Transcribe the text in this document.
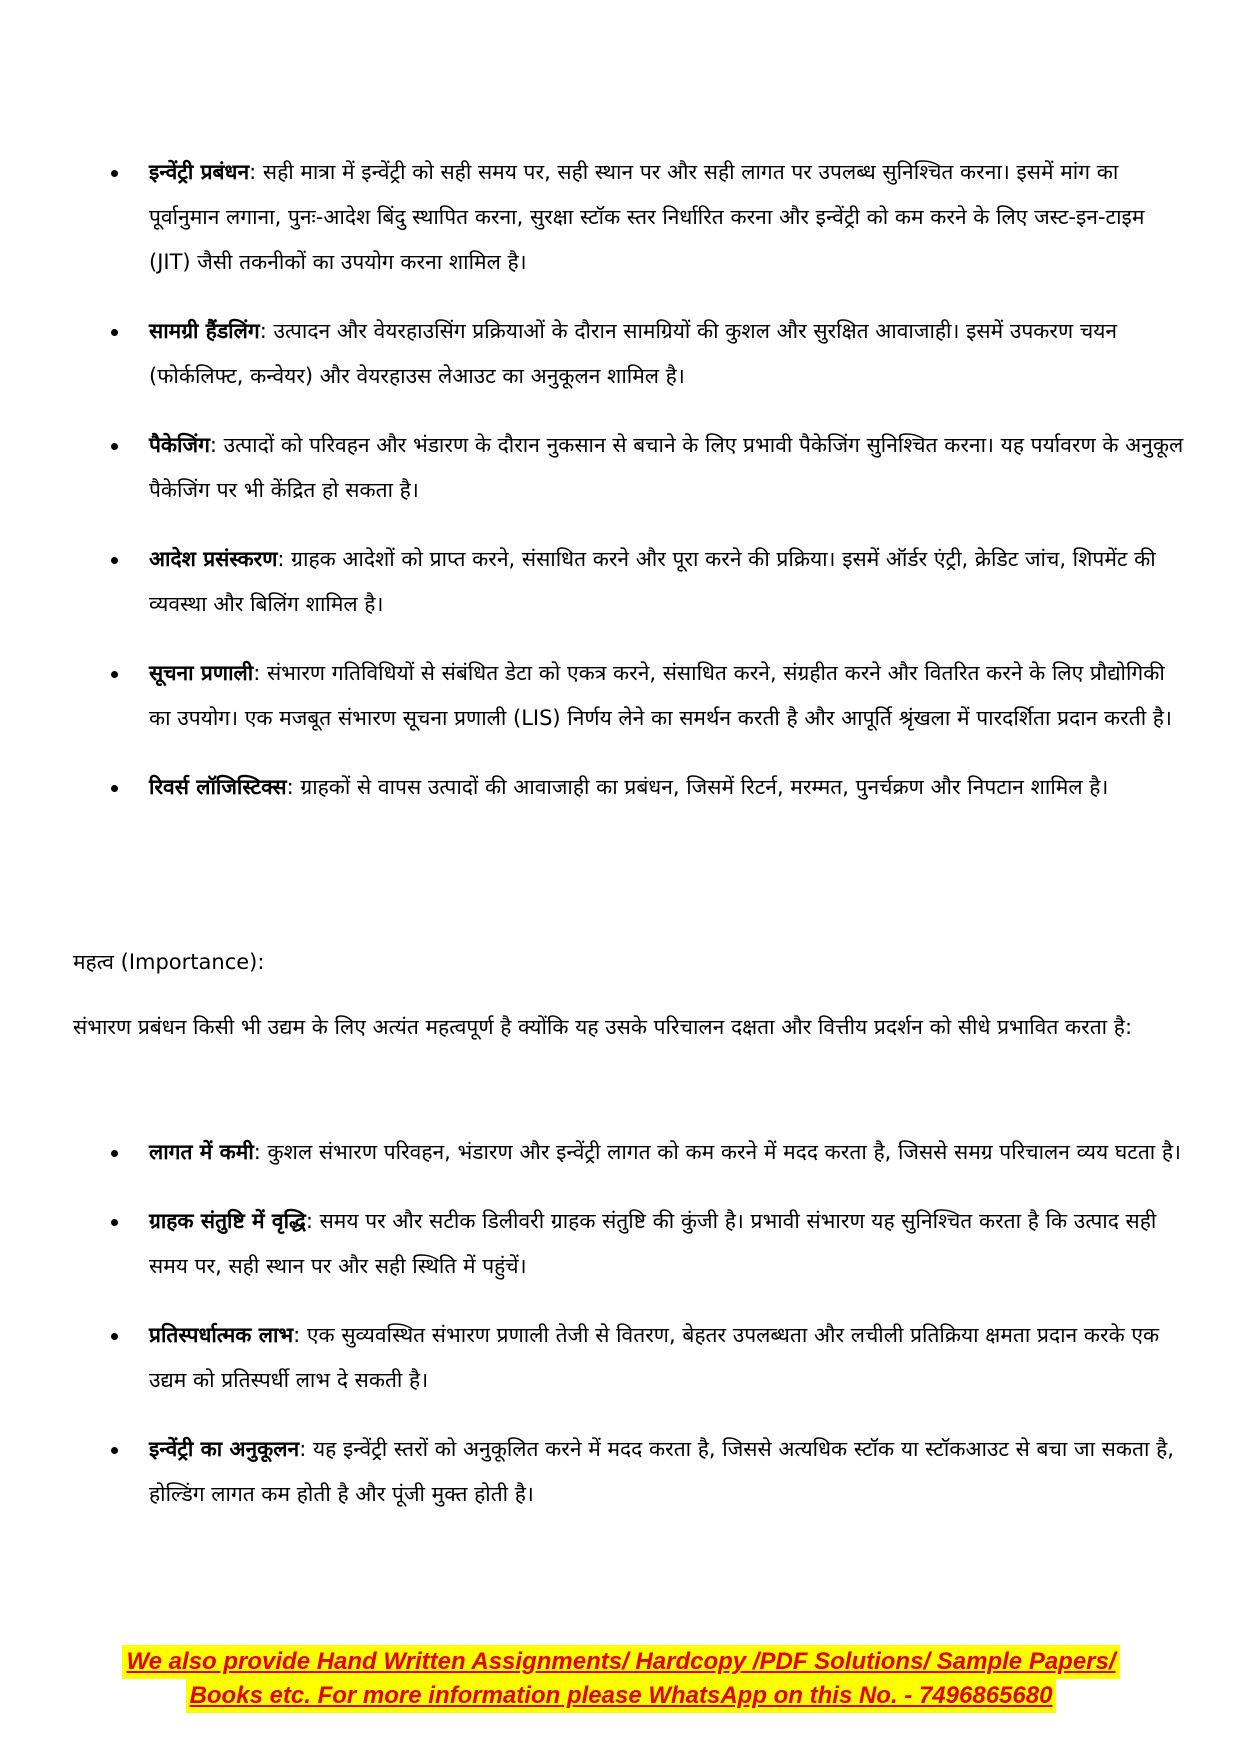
इन्वेंट्री प्रबंधन: सही मात्रा में इन्वेंट्री को सही समय पर, सही स्थान पर और सही लागत पर उपलब्ध सुनिश्चित करना। इसमें मांग का पूर्वानुमान लगाना, पुनः-आदेश बिंदु स्थापित करना, सुरक्षा स्टॉक स्तर निर्धारित करना और इन्वेंट्री को कम करने के लिए जस्ट-इन-टाइम (JIT) जैसी तकनीकों का उपयोग करना शामिल है।
सामग्री हैंडलिंग: उत्पादन और वेयरहाउसिंग प्रक्रियाओं के दौरान सामग्रियों की कुशल और सुरक्षित आवाजाही। इसमें उपकरण चयन (फोर्कलिफ्ट, कन्वेयर) और वेयरहाउस लेआउट का अनुकूलन शामिल है।
पैकेजिंग: उत्पादों को परिवहन और भंडारण के दौरान नुकसान से बचाने के लिए प्रभावी पैकेजिंग सुनिश्चित करना। यह पर्यावरण के अनुकूल पैकेजिंग पर भी केंद्रित हो सकता है।
आदेश प्रसंस्करण: ग्राहक आदेशों को प्राप्त करने, संसाधित करने और पूरा करने की प्रक्रिया। इसमें ऑर्डर एंट्री, क्रेडिट जांच, शिपमेंट की व्यवस्था और बिलिंग शामिल है।
सूचना प्रणाली: संभारण गतिविधियों से संबंधित डेटा को एकत्र करने, संसाधित करने, संग्रहीत करने और वितरित करने के लिए प्रौद्योगिकी का उपयोग। एक मजबूत संभारण सूचना प्रणाली (LIS) निर्णय लेने का समर्थन करती है और आपूर्ति श्रृंखला में पारदर्शिता प्रदान करती है।
रिवर्स लॉजिस्टिक्स: ग्राहकों से वापस उत्पादों की आवाजाही का प्रबंधन, जिसमें रिटर्न, मरम्मत, पुनर्चक्रण और निपटान शामिल है।

महत्व (Importance):

संभारण प्रबंधन किसी भी उद्यम के लिए अत्यंत महत्वपूर्ण है क्योंकि यह उसके परिचालन दक्षता और वित्तीय प्रदर्शन को सीधे प्रभावित करता है:

लागत में कमी: कुशल संभारण परिवहन, भंडारण और इन्वेंट्री लागत को कम करने में मदद करता है, जिससे समग्र परिचालन व्यय घटता है।
ग्राहक संतुष्टि में वृद्धि: समय पर और सटीक डिलीवरी ग्राहक संतुष्टि की कुंजी है। प्रभावी संभारण यह सुनिश्चित करता है कि उत्पाद सही समय पर, सही स्थान पर और सही स्थिति में पहुंचें।
प्रतिस्पर्धात्मक लाभ: एक सुव्यवस्थित संभारण प्रणाली तेजी से वितरण, बेहतर उपलब्धता और लचीली प्रतिक्रिया क्षमता प्रदान करके एक उद्यम को प्रतिस्पर्धी लाभ दे सकती है।
इन्वेंट्री का अनुकूलन: यह इन्वेंट्री स्तरों को अनुकूलित करने में मदद करता है, जिससे अत्यधिक स्टॉक या स्टॉकआउट से बचा जा सकता है, होल्डिंग लागत कम होती है और पूंजी मुक्त होती है।
We also provide Hand Written Assignments/ Hardcopy /PDF Solutions/ Sample Papers/
Books etc. For more information please WhatsApp on this No. - 7496865680
